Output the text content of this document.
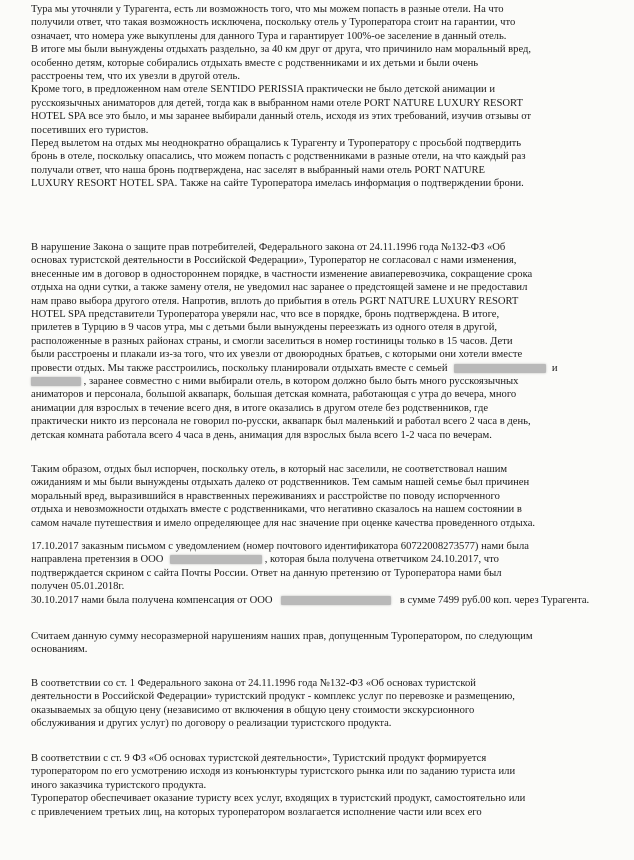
Тура мы уточняли у Турагента, есть ли возможность того, что мы можем попасть в разные отели. На что
получили ответ, что такая возможность исключена, поскольку отель у Туроператора стоит на гарантии, что
означает, что номера уже выкуплены для данного Тура и гарантирует 100%-ое заселение в данный отель.
В итоге мы были вынуждены отдыхать раздельно, за 40 км друг от друга, что причинило нам моральный вред,
особенно детям, которые собирались отдыхать вместе с родственниками и их детьми и были очень
расстроены тем, что их увезли в другой отель.
Кроме того, в предложенном нам отеле SENTIDO PERISSIA практически не было детской анимации и
русскоязычных аниматоров для детей, тогда как в выбранном нами отеле PORT NATURE LUXURY RESORT
HOTEL SPA все это было, и мы заранее выбирали данный отель, исходя из этих требований, изучив отзывы от
посетивших его туристов.
Перед вылетом на отдых мы неоднократно обращались к Турагенту и Туроператору с просьбой подтвердить
бронь в отеле, поскольку опасались, что можем попасть с родственниками в разные отели, на что каждый раз
получали ответ, что наша бронь подтверждена, нас заселят в выбранный нами отель PORT NATURE
LUXURY RESORT HOTEL SPA. Также на сайте Туроператора имелась информация о подтверждении брони.
В нарушение Закона о защите прав потребителей, Федерального закона от 24.11.1996 года №132-ФЗ «Об
основах туристской деятельности в Российской Федерации», Туроператор не согласовал с нами изменения,
внесенные им в договор в одностороннем порядке, в частности изменение авиаперевозчика, сокращение срока
отдыха на одни сутки, а также замену отеля, не уведомил нас заранее о предстоящей замене и не предоставил
нам право выбора другого отеля. Напротив, вплоть до прибытия в отель PGRT NATURE LUXURY RESORT
HOTEL SPA представители Туроператора уверяли нас, что все в порядке, бронь подтверждена. В итоге,
прилетев в Турцию в 9 часов утра, мы с детьми были вынуждены переезжать из одного отеля в другой,
расположенные в разных районах страны, и смогли заселиться в номер гостиницы только в 15 часов. Дети
были расстроены и плакали из-за того, что их увезли от двоюродных братьев, с которыми они хотели вместе
провести отдых. Мы также расстроились, поскольку планировали отдыхать вместе с семьей	и
, заранее совместно с ними выбирали отель, в котором должно было быть много русскоязычных
аниматоров и персонала, большой аквапарк, большая детская комната, работающая с утра до вечера, много
анимации для взрослых в течение всего дня, в итоге оказались в другом отеле без родственников, где
практически никто из персонала не говорил по-русски, аквапарк был маленький и работал всего 2 часа в день,
детская комната работала всего 4 часа в день, анимация для взрослых была всего 1-2 часа по вечерам.
Таким образом, отдых был испорчен, поскольку отель, в который нас заселили, не соответствовал нашим
ожиданиям и мы были вынуждены отдыхать далеко от родственников. Тем самым нашей семье был причинен
моральный вред, выразившийся в нравственных переживаниях и расстройстве по поводу испорченного
отдыха и невозможности отдыхать вместе с родственниками, что негативно сказалось на нашем состоянии в
самом начале путешествия и имело определяющее для нас значение при оценке качества проведенного отдыха.
17.10.2017 заказным письмом с уведомлением (номер почтового идентификатора 60722008273577) нами была
направлена претензия в ООО	, которая была получена ответчиком 24.10.2017, что
подтверждается скрином с сайта Почты России. Ответ на данную претензию от Туроператора нами был
получен 05.01.2018г.
30.10.2017 нами была получена компенсация от ООО	в сумме 7499 руб.00 коп. через Турагента.
Считаем данную сумму несоразмерной нарушениям наших прав, допущенным Туроператором, по следующим
основаниям.
В соответствии со ст. 1 Федерального закона от 24.11.1996 года №132-ФЗ «Об основах туристской
деятельности в Российской Федерации» туристский продукт - комплекс услуг по перевозке и размещению,
оказываемых за общую цену (независимо от включения в общую цену стоимости экскурсионного
обслуживания и других услуг) по договору о реализации туристского продукта.
В соответствии с ст. 9 ФЗ «Об основах туристской деятельности», Туристский продукт формируется
туроператором по его усмотрению исходя из конъюнктуры туристского рынка или по заданию туриста или
иного заказчика туристского продукта.
Туроператор обеспечивает оказание туристу всех услуг, входящих в туристский продукт, самостоятельно или
с привлечением третьих лиц, на которых туроператором возлагается исполнение части или всех его
